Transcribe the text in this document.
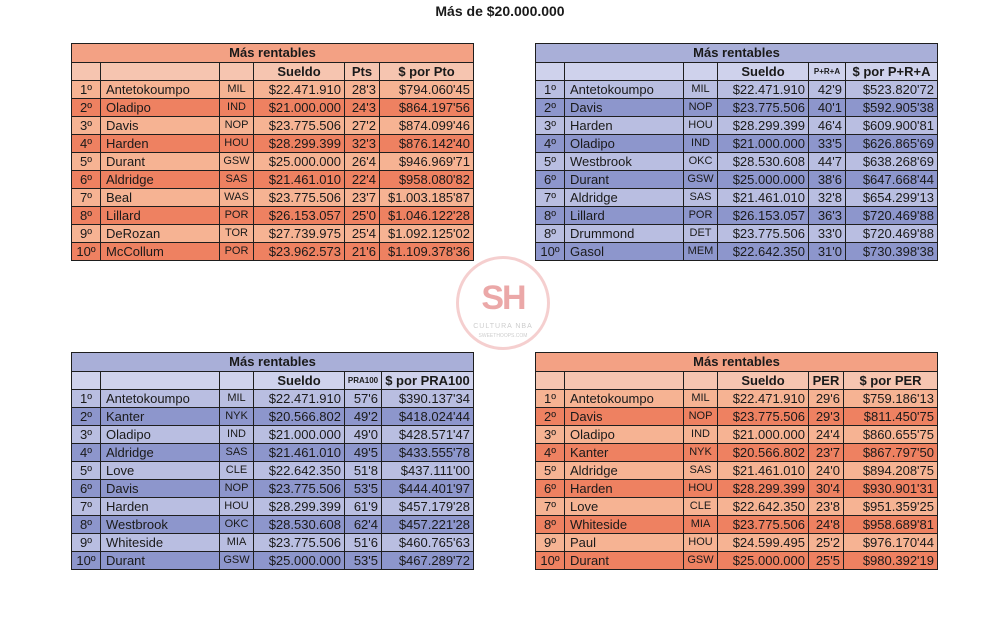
Más de $20.000.000
SH
CULTURA NBA
SWEETHOOPS.COM
Más rentables					
			Sueldo	Pts	$ por Pto
1º	Antetokoumpo	MIL	$22.471.910	28'3	$794.060'45
2º	Oladipo	IND	$21.000.000	24'3	$864.197'56
3º	Davis	NOP	$23.775.506	27'2	$874.099'46
4º	Harden	HOU	$28.299.399	32'3	$876.142'40
5º	Durant	GSW	$25.000.000	26'4	$946.969'71
6º	Aldridge	SAS	$21.461.010	22'4	$958.080'82
7º	Beal	WAS	$23.775.506	23'7	$1.003.185'87
8º	Lillard	POR	$26.153.057	25'0	$1.046.122'28
9º	DeRozan	TOR	$27.739.975	25'4	$1.092.125'02
10º	McCollum	POR	$23.962.573	21'6	$1.109.378'36
Más rentables					
			Sueldo	P+R+A	$ por P+R+A
1º	Antetokoumpo	MIL	$22.471.910	42'9	$523.820'72
2º	Davis	NOP	$23.775.506	40'1	$592.905'38
3º	Harden	HOU	$28.299.399	46'4	$609.900'81
4º	Oladipo	IND	$21.000.000	33'5	$626.865'69
5º	Westbrook	OKC	$28.530.608	44'7	$638.268'69
6º	Durant	GSW	$25.000.000	38'6	$647.668'44
7º	Aldridge	SAS	$21.461.010	32'8	$654.299'13
8º	Lillard	POR	$26.153.057	36'3	$720.469'88
8º	Drummond	DET	$23.775.506	33'0	$720.469'88
10º	Gasol	MEM	$22.642.350	31'0	$730.398'38
Más rentables					
			Sueldo	PRA100	$ por PRA100
1º	Antetokoumpo	MIL	$22.471.910	57'6	$390.137'34
2º	Kanter	NYK	$20.566.802	49'2	$418.024'44
3º	Oladipo	IND	$21.000.000	49'0	$428.571'47
4º	Aldridge	SAS	$21.461.010	49'5	$433.555'78
5º	Love	CLE	$22.642.350	51'8	$437.111'00
6º	Davis	NOP	$23.775.506	53'5	$444.401'97
7º	Harden	HOU	$28.299.399	61'9	$457.179'28
8º	Westbrook	OKC	$28.530.608	62'4	$457.221'28
9º	Whiteside	MIA	$23.775.506	51'6	$460.765'63
10º	Durant	GSW	$25.000.000	53'5	$467.289'72
Más rentables					
			Sueldo	PER	$ por PER
1º	Antetokoumpo	MIL	$22.471.910	29'6	$759.186'13
2º	Davis	NOP	$23.775.506	29'3	$811.450'75
3º	Oladipo	IND	$21.000.000	24'4	$860.655'75
4º	Kanter	NYK	$20.566.802	23'7	$867.797'50
5º	Aldridge	SAS	$21.461.010	24'0	$894.208'75
6º	Harden	HOU	$28.299.399	30'4	$930.901'31
7º	Love	CLE	$22.642.350	23'8	$951.359'25
8º	Whiteside	MIA	$23.775.506	24'8	$958.689'81
9º	Paul	HOU	$24.599.495	25'2	$976.170'44
10º	Durant	GSW	$25.000.000	25'5	$980.392'19
